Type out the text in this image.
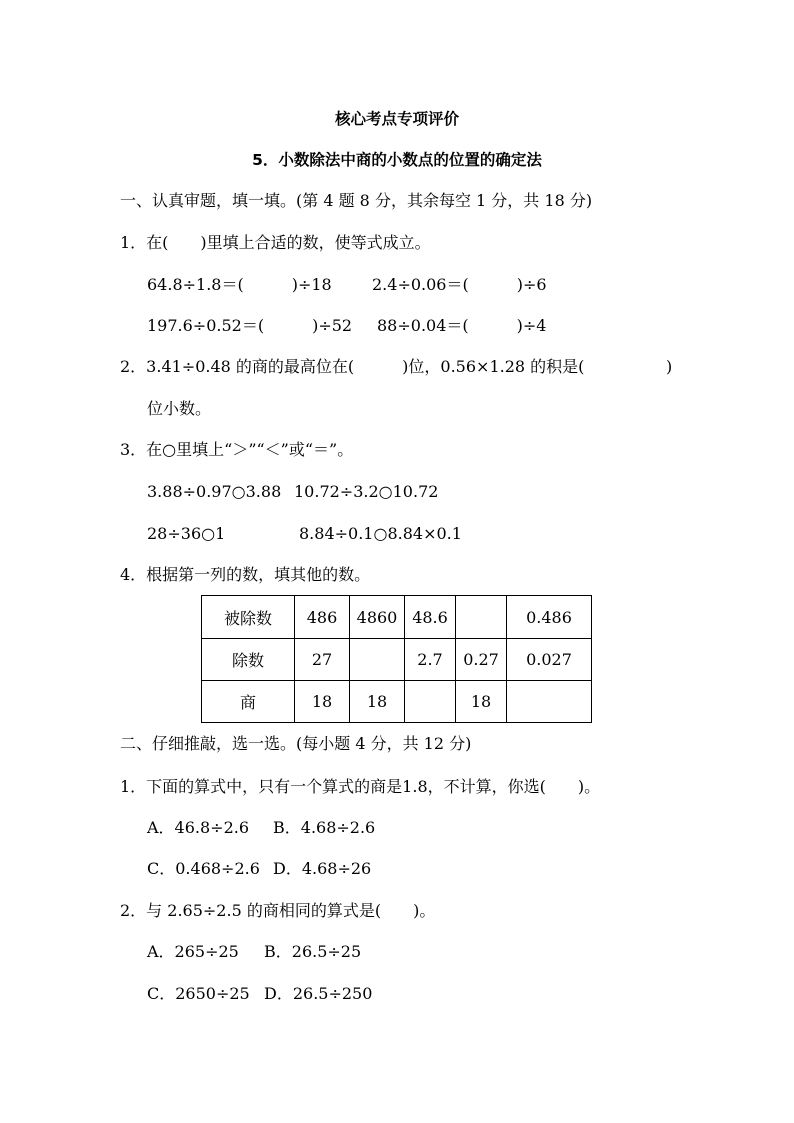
核心考点专项评价
5．小数除法中商的小数点的位置的确定法
一、认真审题，填一填。(第 4 题 8 分，其余每空 1 分，共 18 分)
1．在(　　)里填上合适的数，使等式成立。
64.8÷1.8＝(　　　)÷18	2.4÷0.06＝(　　　)÷6
197.6÷0.52＝(　　　)÷52 88÷0.04＝(　　　)÷4
2．3.41÷0.48 的商的最高位在(　　　)位，0.56×1.28 的积是(	)
位小数。
3．在○里填上“＞”“＜”或“＝”。
3.88÷0.97○3.88 10.72÷3.2○10.72
28÷36○1	8.84÷0.1○8.84×0.1
4．根据第一列的数，填其他的数。
被除数	486	4860	48.6		0.486
除数	27		2.7	0.27	0.027
商	18	18		18	
二、仔细推敲，选一选。(每小题 4 分，共 12 分)
1．下面的算式中，只有一个算式的商是1.8，不计算，你选(　　)。
A．46.8÷2.6 B．4.68÷2.6
C．0.468÷2.6 D．4.68÷26
2．与 2.65÷2.5 的商相同的算式是(　　)。
A．265÷25 B．26.5÷25
C．2650÷25 D．26.5÷250
